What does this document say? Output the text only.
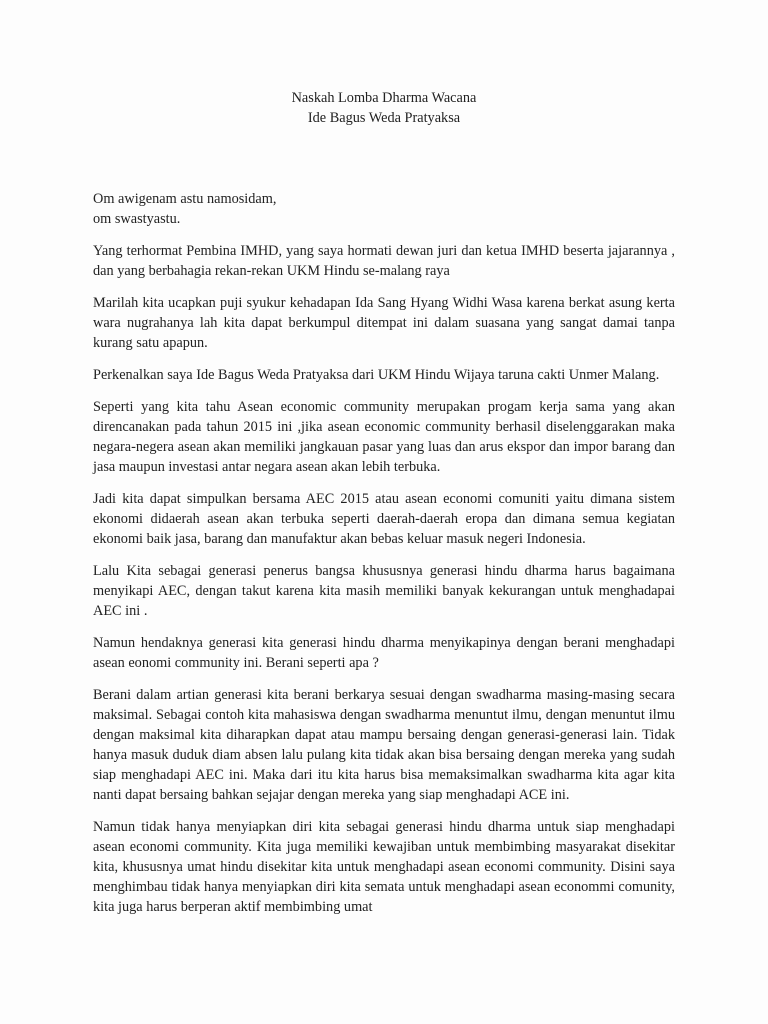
Naskah Lomba Dharma Wacana
Ide Bagus Weda Pratyaksa
Om awigenam astu namosidam,
om swastyastu.

Yang terhormat Pembina IMHD, yang saya hormati dewan juri dan ketua IMHD beserta jajarannya , dan yang berbahagia rekan-rekan UKM Hindu se-malang raya

Marilah kita ucapkan puji syukur kehadapan Ida Sang Hyang Widhi Wasa karena berkat asung kerta wara nugrahanya lah kita dapat berkumpul ditempat ini dalam suasana yang sangat damai tanpa kurang satu apapun.

Perkenalkan saya Ide Bagus Weda Pratyaksa dari UKM Hindu Wijaya taruna cakti Unmer Malang.

Seperti yang kita tahu Asean economic community merupakan progam kerja sama yang akan direncanakan pada tahun 2015 ini ,jika asean economic community berhasil diselenggarakan maka negara-negera asean akan memiliki jangkauan pasar yang luas dan arus ekspor dan impor barang dan jasa maupun investasi antar negara asean akan lebih terbuka.

Jadi kita dapat simpulkan bersama AEC 2015 atau asean economi comuniti yaitu dimana sistem ekonomi didaerah asean akan terbuka seperti daerah-daerah eropa dan dimana semua kegiatan ekonomi baik jasa, barang dan manufaktur akan bebas keluar masuk negeri Indonesia.

Lalu Kita sebagai generasi penerus bangsa khususnya generasi hindu dharma harus bagaimana menyikapi AEC, dengan takut karena kita masih memiliki banyak kekurangan untuk menghadapai AEC ini .

Namun hendaknya generasi kita generasi hindu dharma menyikapinya dengan berani menghadapi asean eonomi community ini. Berani seperti apa ?

Berani dalam artian generasi kita berani berkarya sesuai dengan swadharma masing-masing secara maksimal. Sebagai contoh kita mahasiswa dengan swadharma menuntut ilmu, dengan menuntut ilmu dengan maksimal kita diharapkan dapat atau mampu bersaing dengan generasi-generasi lain. Tidak hanya masuk duduk diam absen lalu pulang kita tidak akan bisa bersaing dengan mereka yang sudah siap menghadapi AEC ini. Maka dari itu kita harus bisa memaksimalkan swadharma kita agar kita nanti dapat bersaing bahkan sejajar dengan mereka yang siap menghadapi ACE ini.

Namun tidak hanya menyiapkan diri kita sebagai generasi hindu dharma untuk siap menghadapi asean economi community. Kita juga memiliki kewajiban untuk membimbing masyarakat disekitar kita, khususnya umat hindu disekitar kita untuk menghadapi asean economi community. Disini saya menghimbau tidak hanya menyiapkan diri kita semata untuk menghadapi asean econommi comunity, kita juga harus berperan aktif membimbing umat
